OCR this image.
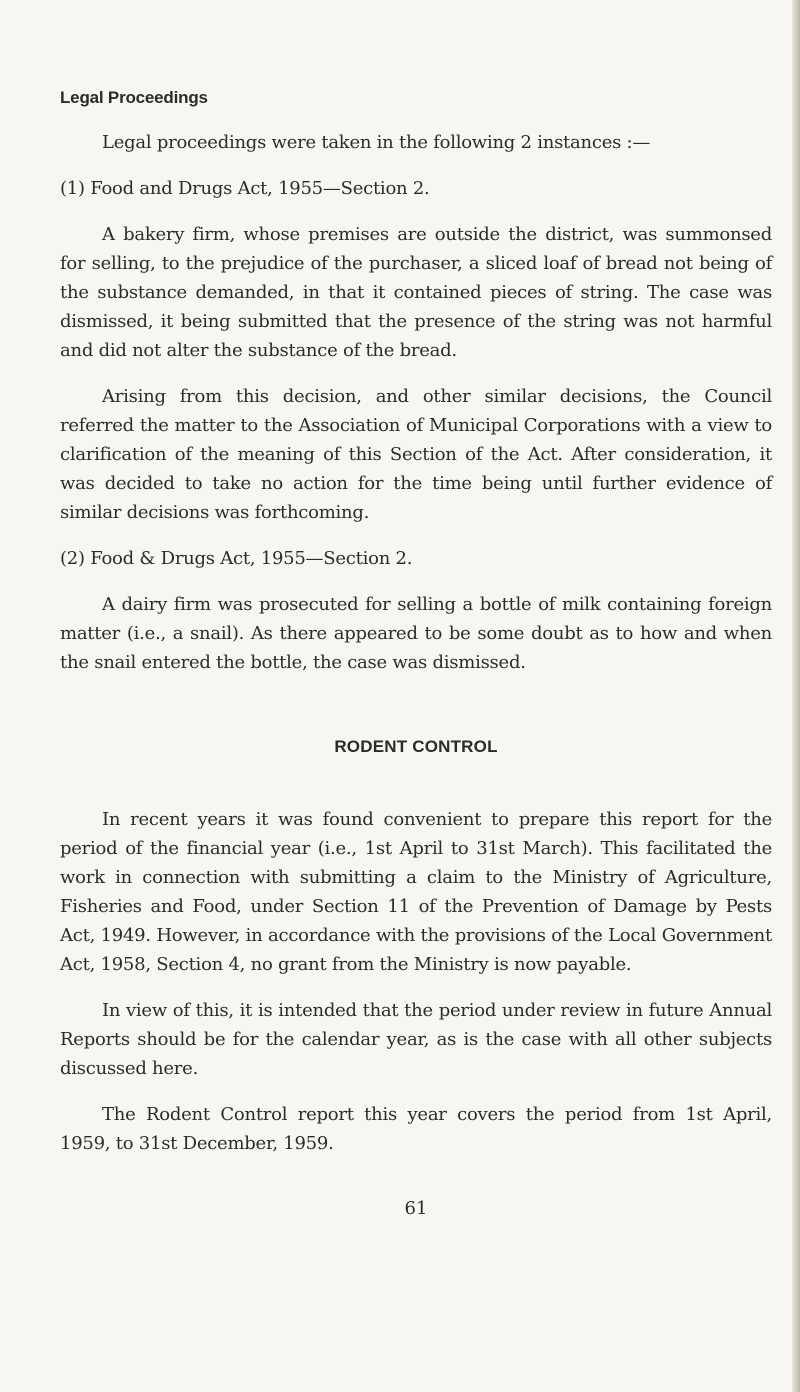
Legal Proceedings

Legal proceedings were taken in the following 2 instances :—

(1) Food and Drugs Act, 1955—Section 2.

A bakery firm, whose premises are outside the district, was summonsed for selling, to the prejudice of the purchaser, a sliced loaf of bread not being of the substance demanded, in that it contained pieces of string. The case was dismissed, it being submitted that the presence of the string was not harmful and did not alter the substance of the bread.

Arising from this decision, and other similar decisions, the Council referred the matter to the Association of Municipal Corporations with a view to clarification of the meaning of this Section of the Act. After consideration, it was decided to take no action for the time being until further evidence of similar decisions was forthcoming.

(2) Food & Drugs Act, 1955—Section 2.

A dairy firm was prosecuted for selling a bottle of milk containing foreign matter (i.e., a snail). As there appeared to be some doubt as to how and when the snail entered the bottle, the case was dismissed.

RODENT CONTROL

In recent years it was found convenient to prepare this report for the period of the financial year (i.e., 1st April to 31st March). This facilitated the work in connection with submitting a claim to the Ministry of Agriculture, Fisheries and Food, under Section 11 of the Prevention of Damage by Pests Act, 1949. However, in accordance with the provisions of the Local Government Act, 1958, Section 4, no grant from the Ministry is now payable.

In view of this, it is intended that the period under review in future Annual Reports should be for the calendar year, as is the case with all other subjects discussed here.

The Rodent Control report this year covers the period from 1st April, 1959, to 31st December, 1959.

61
